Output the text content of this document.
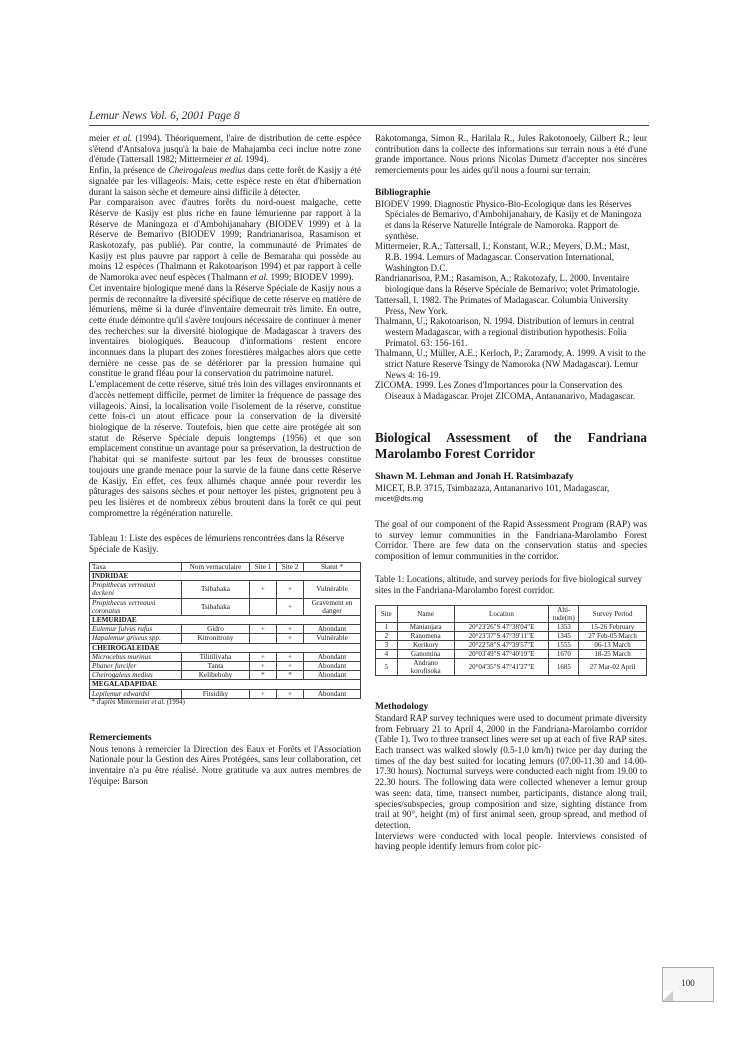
Lemur News Vol. 6, 2001 Page 8

meier et al. (1994). Théoriquement, l'aire de distribution de cette espèce s'étend d'Antsalova jusqu'à la baie de Mahajamba ceci inclue notre zone d'étude (Tattersall 1982; Mittermeier et al. 1994).

Enfin, la présence de Cheirogaleus medius dans cette forêt de Kasijy a été signalée par les villageois. Mais, cette espèce reste en état d'hibernation durant la saison sèche et demeure ainsi difficile à détecter.

Par comparaison avec d'autres forêts du nord-ouest malgache, cette Réserve de Kasijy est plus riche en faune lémurienne par rapport à la Réserve de Maningoza et d'Ambohijanahary (BIODEV 1999) et à la Réserve de Bemarivo (BIODEV 1999; Randrianarisoa, Rasamison et Raskotozafy, pas publié). Par contre, la communauté de Primates de Kasijy est plus pauvre par rapport à celle de Bemaraha qui possède au moins 12 espèces (Thalmann et Rakotoarison 1994) et par rapport à celle de Namoroka avec neuf espèces (Thalmann et al. 1999; BIODEV 1999).

Cet inventaire biologique mené dans la Réserve Spéciale de Kasijy nous a permis de reconnaître la diversité spécifique de cette réserve en matière de lémuriens, même si la durée d'inventaire demeurait très limite. En outre, cette étude démontre qu'il s'avère toujours nécessaire de continuer à mener des recherches sur la diversité biologique de Madagascar à travers des inventaires biologiques. Beaucoup d'informations restent encore inconnues dans la plupart des zones forestières malgaches alors que cette dernière ne cesse pas de se détériorer par la pression humaine qui constitue le grand fléau pour la conservation du patrimoine naturel.

L'emplacement de cette réserve, situé très loin des villages environnants et d'accès nettement difficile, permet de limiter la fréquence de passage des villageois. Ainsi, la localisation voile l'isolement de la réserve, constitue cette fois-ci un atout efficace pour la conservation de la diversité biologique de la réserve. Toutefois, bien que cette aire protégée ait son statut de Réserve Spéciale depuis longtemps (1956) et que son emplacement constitue un avantage pour sa préservation, la destruction de l'habitat qui se manifeste surtout par les feux de brousses constitue toujours une grande menace pour la survie de la faune dans cette Réserve de Kasijy. En effet, ces feux allumés chaque année pour reverdir les pâturages des saisons sèches et pour nettoyer les pistes, grignotent peu à peu les lisières et de nombreux zébus broutent dans la forêt ce qui peut compromettre la régénération naturelle.

Tableau 1: Liste des espèces de lémuriens rencontrées dans la Réserve Spéciale de Kasijy.

Taxa	Nom vernaculaire	Site 1	Site 2	Statut *
INDRIDAE				
Propithecus verreauxi deckeni	Tsibahaka	+	+	Vulnérable
Propithecus verreauxi coronatus	Tsibahaka		+	Gravement en danger
LEMURIDAE				
Eulemur fulvus rufus	Gidro	+	+	Abondant
Hapalemur griseus spp.	Kitronitrony		+	Vulnérable
CHEIROGALEIDAE				
Microcebus murinus	Tilitilivaha	+	+	Abondant
Phaner furcifer	Tanta	+	+	Abondant
Cheirogaleus medius	Kelibehohy	*	*	Abondant
MEGALADAPIDAE				
Lepilemur edwardsi	Fitsidiky	+	+	Abondant
* d'après Mittermeier et al. (1994)				

Remerciements

Nous tenons à remercier la Direction des Eaux et Forêts et l'Association Nationale pour la Gestion des Aires Protégées, sans leur collaboration, cet inventaire n'a pu être réalisé. Notre gratitude va aux autres membres de l'équipe: Barson

Rakotomanga, Simon R., Harilala R., Jules Rakotonoely, Gilbert R.; leur contribution dans la collecte des informations sur terrain nous a été d'une grande importance. Nous prions Nicolas Dumetz d'accepter nos sincères remerciements pour les aides qu'il nous a fourni sur terrain.

Bibliographie

BIODEV 1999. Diagnostic Physico-Bio-Ecologique dans les Réserves Spéciales de Bemarivo, d'Ambohijanahary, de Kasijy et de Maningoza et dans la Réserve Naturelle Intégrale de Namoroka. Rapport de synthèse.

Mittermeier, R.A.; Tattersall, I.; Konstant, W.R.; Meyers, D.M.; Mast, R.B. 1994. Lemurs of Madagascar. Conservation International, Washington D.C.

Randrianarisoa, P.M.; Rasamison, A.; Rakotozafy, L. 2000. Inventaire biologique dans la Réserve Spéciale de Bemarivo; volet Primatologie.

Tattersall, I. 1982. The Primates of Madagascar. Columbia University Press, New York.

Thalmann, U.; Rakotoarison, N. 1994. Distribution of lemurs in central western Madagascar, with a regional distribution hypothesis. Folia Primatol. 63: 156-161.

Thalmann, U.; Müller, A.E.; Kerloch, P.; Zaramody, A. 1999. A visit to the strict Nature Reserve Tsingy de Namoroka (NW Madagascar). Lemur News 4: 16-19.

ZICOMA. 1999. Les Zones d'Importances pour la Conservation des Oiseaux à Madagascar. Projet ZICOMA, Antananarivo, Madagascar.

Biological Assessment of the Fandriana Marolambo Forest Corridor

Shawn M. Lehman and Jonah H. Ratsimbazafy

MICET, B.P. 3715, Tsimbazaza, Antananarivo 101, Madagascar, micet@dts.mg

The goal of our component of the Rapid Assessment Program (RAP) was to survey lemur communities in the Fandriana-Marolambo Forest Corridor. There are few data on the conservation status and species composition of lemur communities in the corridor.

Table 1: Locations, altitude, and survey periods for five biological survey sites in the Fandriana-Marolambo forest corridor.

Site	Name	Location	Alti-tude(m)	Survey Period
1	Manianjara	20°23'26"S 47°38'04"E	1353	15-26 February
2	Ranomena	20°23'37"S 47°39'11"E	1345	27 Feb-05 March
3	Kerikory	20°22'58"S 47°39'57"E	1555	06-13 March
4	Ganomina	20°03'49"S 47°40'19"E	1670	18-25 March
5	Andrano korofisoka	20°04'35"S 47°41'27"E	1685	27 Mar-02 April

Methodology

Standard RAP survey techniques were used to document primate diversity from February 21 to April 4, 2000 in the Fandriana-Marolambo corridor (Table 1). Two to three transect lines were set up at each of five RAP sites. Each transect was walked slowly (0.5-1.0 km/h) twice per day during the times of the day best suited for locating lemurs (07.00-11.30 and 14.00-17.30 hours). Nocturnal surveys were conducted each night from 19.00 to 22.30 hours. The following data were collected whenever a lemur group was seen: data, time, transect number, participants, distance along trail, species/subspecies, group composition and size, sighting distance from trail at 90°, height (m) of first animal seen, group spread, and method of detection.

Interviews were conducted with local people. Interviews consisted of having people identify lemurs from color pic-

100
